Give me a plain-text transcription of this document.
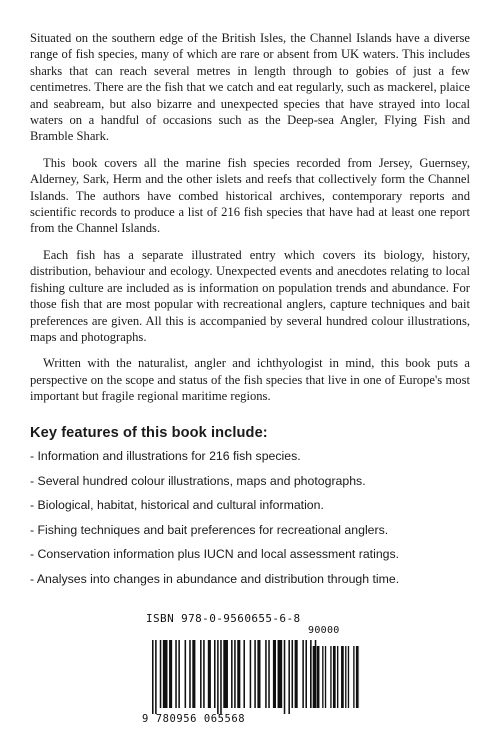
Situated on the southern edge of the British Isles, the Channel Islands have a diverse range of fish species, many of which are rare or absent from UK waters. This includes sharks that can reach several metres in length through to gobies of just a few centimetres. There are the fish that we catch and eat regularly, such as mackerel, plaice and seabream, but also bizarre and unexpected species that have strayed into local waters on a handful of occasions such as the Deep-sea Angler, Flying Fish and Bramble Shark.

This book covers all the marine fish species recorded from Jersey, Guernsey, Alderney, Sark, Herm and the other islets and reefs that collectively form the Channel Islands. The authors have combed historical archives, contemporary reports and scientific records to produce a list of 216 fish species that have had at least one report from the Channel Islands.

Each fish has a separate illustrated entry which covers its biology, history, distribution, behaviour and ecology. Unexpected events and anecdotes relating to local fishing culture are included as is information on population trends and abundance. For those fish that are most popular with recreational anglers, capture techniques and bait preferences are given. All this is accompanied by several hundred colour illustrations, maps and photographs.

Written with the naturalist, angler and ichthyologist in mind, this book puts a perspective on the scope and status of the fish species that live in one of Europe's most important but fragile regional maritime regions.

Key features of this book include:
- Information and illustrations for 216 fish species.
- Several hundred colour illustrations, maps and photographs.
- Biological, habitat, historical and cultural information.
- Fishing techniques and bait preferences for recreational anglers.
- Conservation information plus IUCN and local assessment ratings.
- Analyses into changes in abundance and distribution through time.
ISBN 978-0-9560655-6-8
90000
9 780956 065568
